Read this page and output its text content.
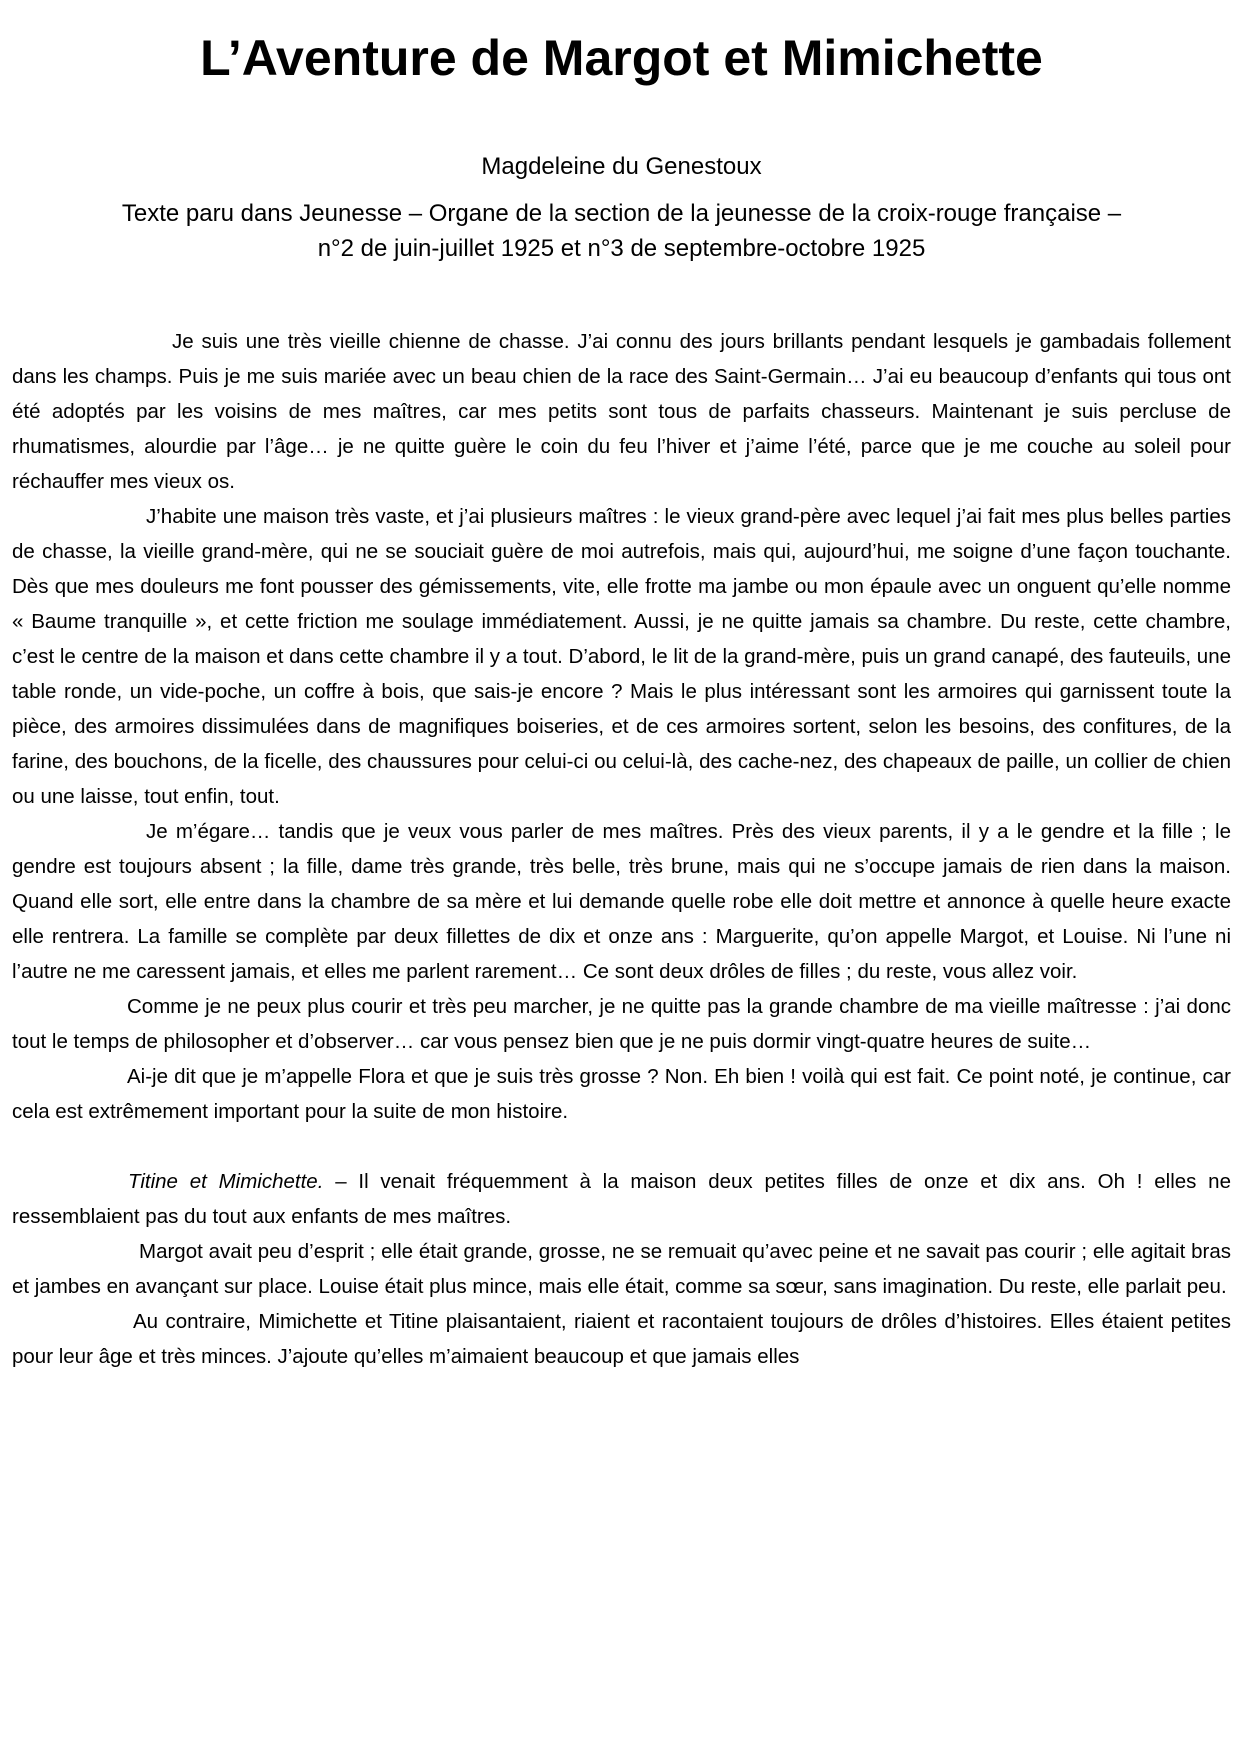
L’Aventure de Margot et Mimichette
Magdeleine du Genestoux
Texte paru dans Jeunesse – Organe de la section de la jeunesse de la croix-rouge française –
n°2 de juin-juillet 1925 et n°3 de septembre-octobre 1925

Je suis une très vieille chienne de chasse. J’ai connu des jours brillants pendant lesquels je gambadais follement dans les champs. Puis je me suis mariée avec un beau chien de la race des Saint-Germain… J’ai eu beaucoup d’enfants qui tous ont été adoptés par les voisins de mes maîtres, car mes petits sont tous de parfaits chasseurs. Maintenant je suis percluse de rhumatismes, alourdie par l’âge… je ne quitte guère le coin du feu l’hiver et j’aime l’été, parce que je me couche au soleil pour réchauffer mes vieux os.

J’habite une maison très vaste, et j’ai plusieurs maîtres : le vieux grand-père avec lequel j’ai fait mes plus belles parties de chasse, la vieille grand-mère, qui ne se souciait guère de moi autrefois, mais qui, aujourd’hui, me soigne d’une façon touchante. Dès que mes douleurs me font pousser des gémissements, vite, elle frotte ma jambe ou mon épaule avec un onguent qu’elle nomme « Baume tranquille », et cette friction me soulage immédiatement. Aussi, je ne quitte jamais sa chambre. Du reste, cette chambre, c’est le centre de la maison et dans cette chambre il y a tout. D’abord, le lit de la grand-mère, puis un grand canapé, des fauteuils, une table ronde, un vide-poche, un coffre à bois, que sais-je encore ? Mais le plus intéressant sont les armoires qui garnissent toute la pièce, des armoires dissimulées dans de magnifiques boiseries, et de ces armoires sortent, selon les besoins, des confitures, de la farine, des bouchons, de la ficelle, des chaussures pour celui-ci ou celui-là, des cache-nez, des chapeaux de paille, un collier de chien ou une laisse, tout enfin, tout.

Je m’égare… tandis que je veux vous parler de mes maîtres. Près des vieux parents, il y a le gendre et la fille ; le gendre est toujours absent ; la fille, dame très grande, très belle, très brune, mais qui ne s’occupe jamais de rien dans la maison. Quand elle sort, elle entre dans la chambre de sa mère et lui demande quelle robe elle doit mettre et annonce à quelle heure exacte elle rentrera. La famille se complète par deux fillettes de dix et onze ans : Marguerite, qu’on appelle Margot, et Louise. Ni l’une ni l’autre ne me caressent jamais, et elles me parlent rarement… Ce sont deux drôles de filles ; du reste, vous allez voir.

Comme je ne peux plus courir et très peu marcher, je ne quitte pas la grande chambre de ma vieille maîtresse : j’ai donc tout le temps de philosopher et d’observer… car vous pensez bien que je ne puis dormir vingt-quatre heures de suite…

Ai-je dit que je m’appelle Flora et que je suis très grosse ? Non. Eh bien ! voilà qui est fait. Ce point noté, je continue, car cela est extrêmement important pour la suite de mon histoire.

Titine et Mimichette. – Il venait fréquemment à la maison deux petites filles de onze et dix ans. Oh ! elles ne ressemblaient pas du tout aux enfants de mes maîtres.

Margot avait peu d’esprit ; elle était grande, grosse, ne se remuait qu’avec peine et ne savait pas courir ; elle agitait bras et jambes en avançant sur place. Louise était plus mince, mais elle était, comme sa sœur, sans imagination. Du reste, elle parlait peu.

Au contraire, Mimichette et Titine plaisantaient, riaient et racontaient toujours de drôles d’histoires. Elles étaient petites pour leur âge et très minces. J’ajoute qu’elles m’aimaient beaucoup et que jamais elles
